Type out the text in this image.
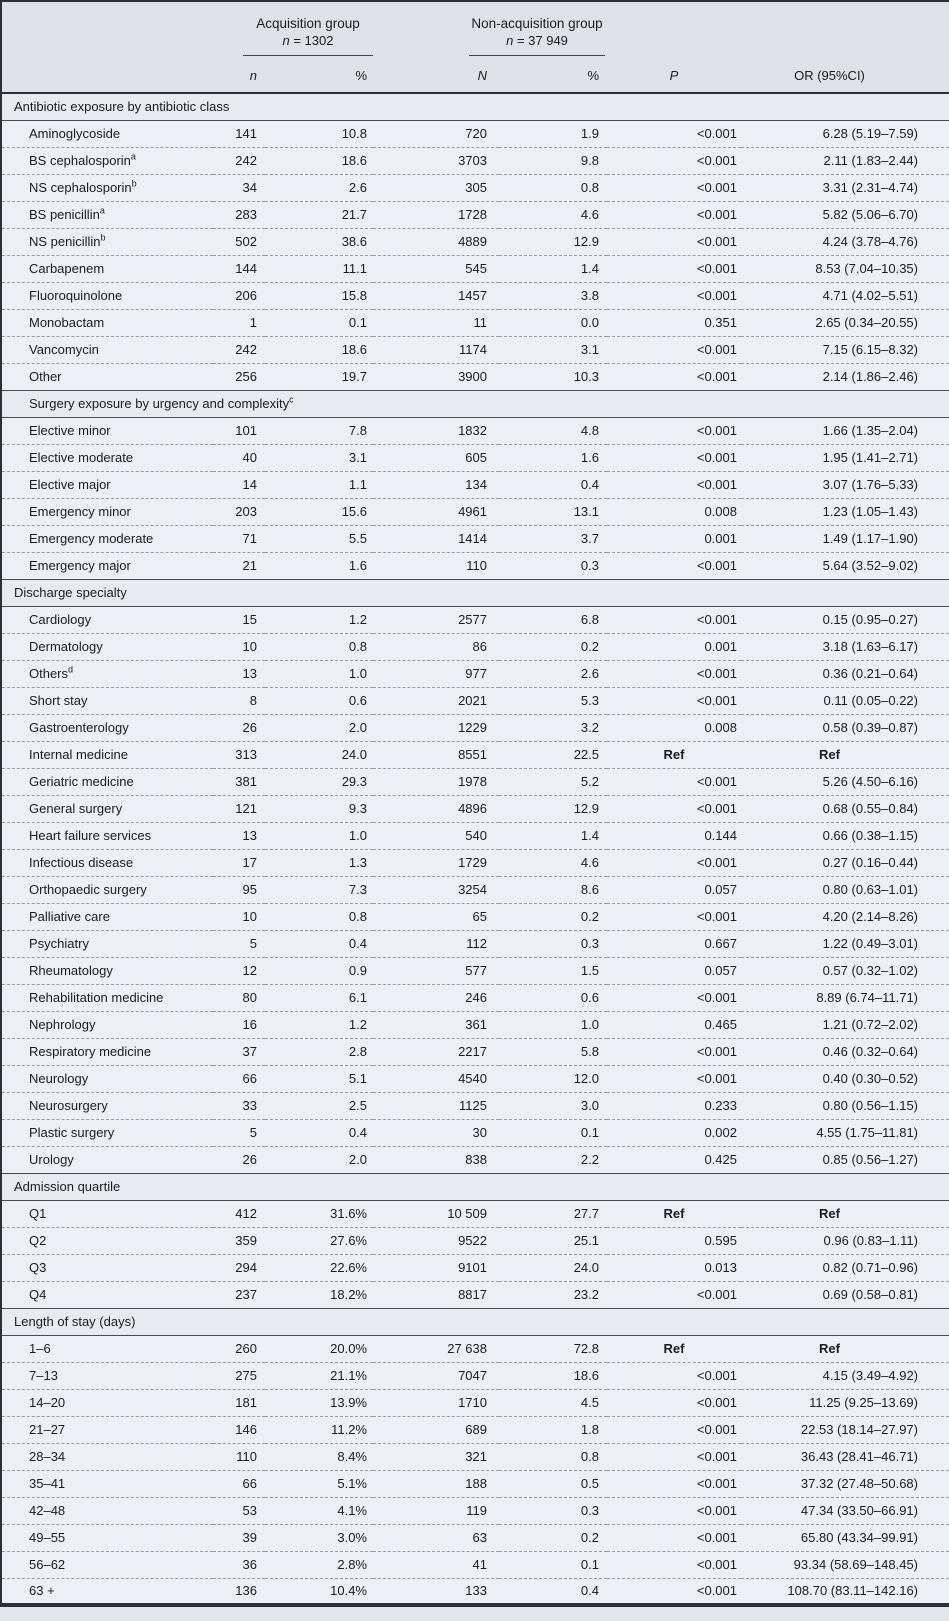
Acquisition group
n = 1302

Non-acquisition group
n = 37 949

	n	%	N	%	P	OR (95%CI)
Antibiotic exposure by antibiotic class						
Aminoglycoside	141	10.8	720	1.9	<0.001	6.28 (5.19–7.59)
BS cephalosporin$^a$	242	18.6	3703	9.8	<0.001	2.11 (1.83–2.44)
NS cephalosporin$^b$	34	2.6	305	0.8	<0.001	3.31 (2.31–4.74)
BS penicillin$^a$	283	21.7	1728	4.6	<0.001	5.82 (5.06–6.70)
NS penicillin$^b$	502	38.6	4889	12.9	<0.001	4.24 (3.78–4.76)
Carbapenem	144	11.1	545	1.4	<0.001	8.53 (7.04–10.35)
Fluoroquinolone	206	15.8	1457	3.8	<0.001	4.71 (4.02–5.51)
Monobactam	1	0.1	11	0.0	0.351	2.65 (0.34–20.55)
Vancomycin	242	18.6	1174	3.1	<0.001	7.15 (6.15–8.32)
Other	256	19.7	3900	10.3	<0.001	2.14 (1.86–2.46)
Surgery exposure by urgency and complexity$^c$
Elective minor	101	7.8	1832	4.8	<0.001	1.66 (1.35–2.04)
Elective moderate	40	3.1	605	1.6	<0.001	1.95 (1.41–2.71)
Elective major	14	1.1	134	0.4	<0.001	3.07 (1.76–5.33)
Emergency minor	203	15.6	4961	13.1	0.008	1.23 (1.05–1.43)
Emergency moderate	71	5.5	1414	3.7	0.001	1.49 (1.17–1.90)
Emergency major	21	1.6	110	0.3	<0.001	5.64 (3.52–9.02)
Discharge specialty						
Cardiology	15	1.2	2577	6.8	<0.001	0.15 (0.95–0.27)
Dermatology	10	0.8	86	0.2	0.001	3.18 (1.63–6.17)
Others$^d$	13	1.0	977	2.6	<0.001	0.36 (0.21–0.64)
Short stay	8	0.6	2021	5.3	<0.001	0.11 (0.05–0.22)
Gastroenterology	26	2.0	1229	3.2	0.008	0.58 (0.39–0.87)
Internal medicine	313	24.0	8551	22.5	Ref	Ref
Geriatric medicine	381	29.3	1978	5.2	<0.001	5.26 (4.50–6.16)
General surgery	121	9.3	4896	12.9	<0.001	0.68 (0.55–0.84)
Heart failure services	13	1.0	540	1.4	0.144	0.66 (0.38–1.15)
Infectious disease	17	1.3	1729	4.6	<0.001	0.27 (0.16–0.44)
Orthopaedic surgery	95	7.3	3254	8.6	0.057	0.80 (0.63–1.01)
Palliative care	10	0.8	65	0.2	<0.001	4.20 (2.14–8.26)
Psychiatry	5	0.4	112	0.3	0.667	1.22 (0.49–3.01)
Rheumatology	12	0.9	577	1.5	0.057	0.57 (0.32–1.02)
Rehabilitation medicine	80	6.1	246	0.6	<0.001	8.89 (6.74–11.71)
Nephrology	16	1.2	361	1.0	0.465	1.21 (0.72–2.02)
Respiratory medicine	37	2.8	2217	5.8	<0.001	0.46 (0.32–0.64)
Neurology	66	5.1	4540	12.0	<0.001	0.40 (0.30–0.52)
Neurosurgery	33	2.5	1125	3.0	0.233	0.80 (0.56–1.15)
Plastic surgery	5	0.4	30	0.1	0.002	4.55 (1.75–11.81)
Urology	26	2.0	838	2.2	0.425	0.85 (0.56–1.27)
Admission quartile						
Q1	412	31.6%	10 509	27.7	Ref	Ref
Q2	359	27.6%	9522	25.1	0.595	0.96 (0.83–1.11)
Q3	294	22.6%	9101	24.0	0.013	0.82 (0.71–0.96)
Q4	237	18.2%	8817	23.2	<0.001	0.69 (0.58–0.81)
Length of stay (days)						
1–6	260	20.0%	27 638	72.8	Ref	Ref
7–13	275	21.1%	7047	18.6	<0.001	4.15 (3.49–4.92)
14–20	181	13.9%	1710	4.5	<0.001	11.25 (9.25–13.69)
21–27	146	11.2%	689	1.8	<0.001	22.53 (18.14–27.97)
28–34	110	8.4%	321	0.8	<0.001	36.43 (28.41–46.71)
35–41	66	5.1%	188	0.5	<0.001	37.32 (27.48–50.68)
42–48	53	4.1%	119	0.3	<0.001	47.34 (33.50–66.91)
49–55	39	3.0%	63	0.2	<0.001	65.80 (43.34–99.91)
56–62	36	2.8%	41	0.1	<0.001	93.34 (58.69–148.45)
63 +	136	10.4%	133	0.4	<0.001	108.70 (83.11–142.16)
